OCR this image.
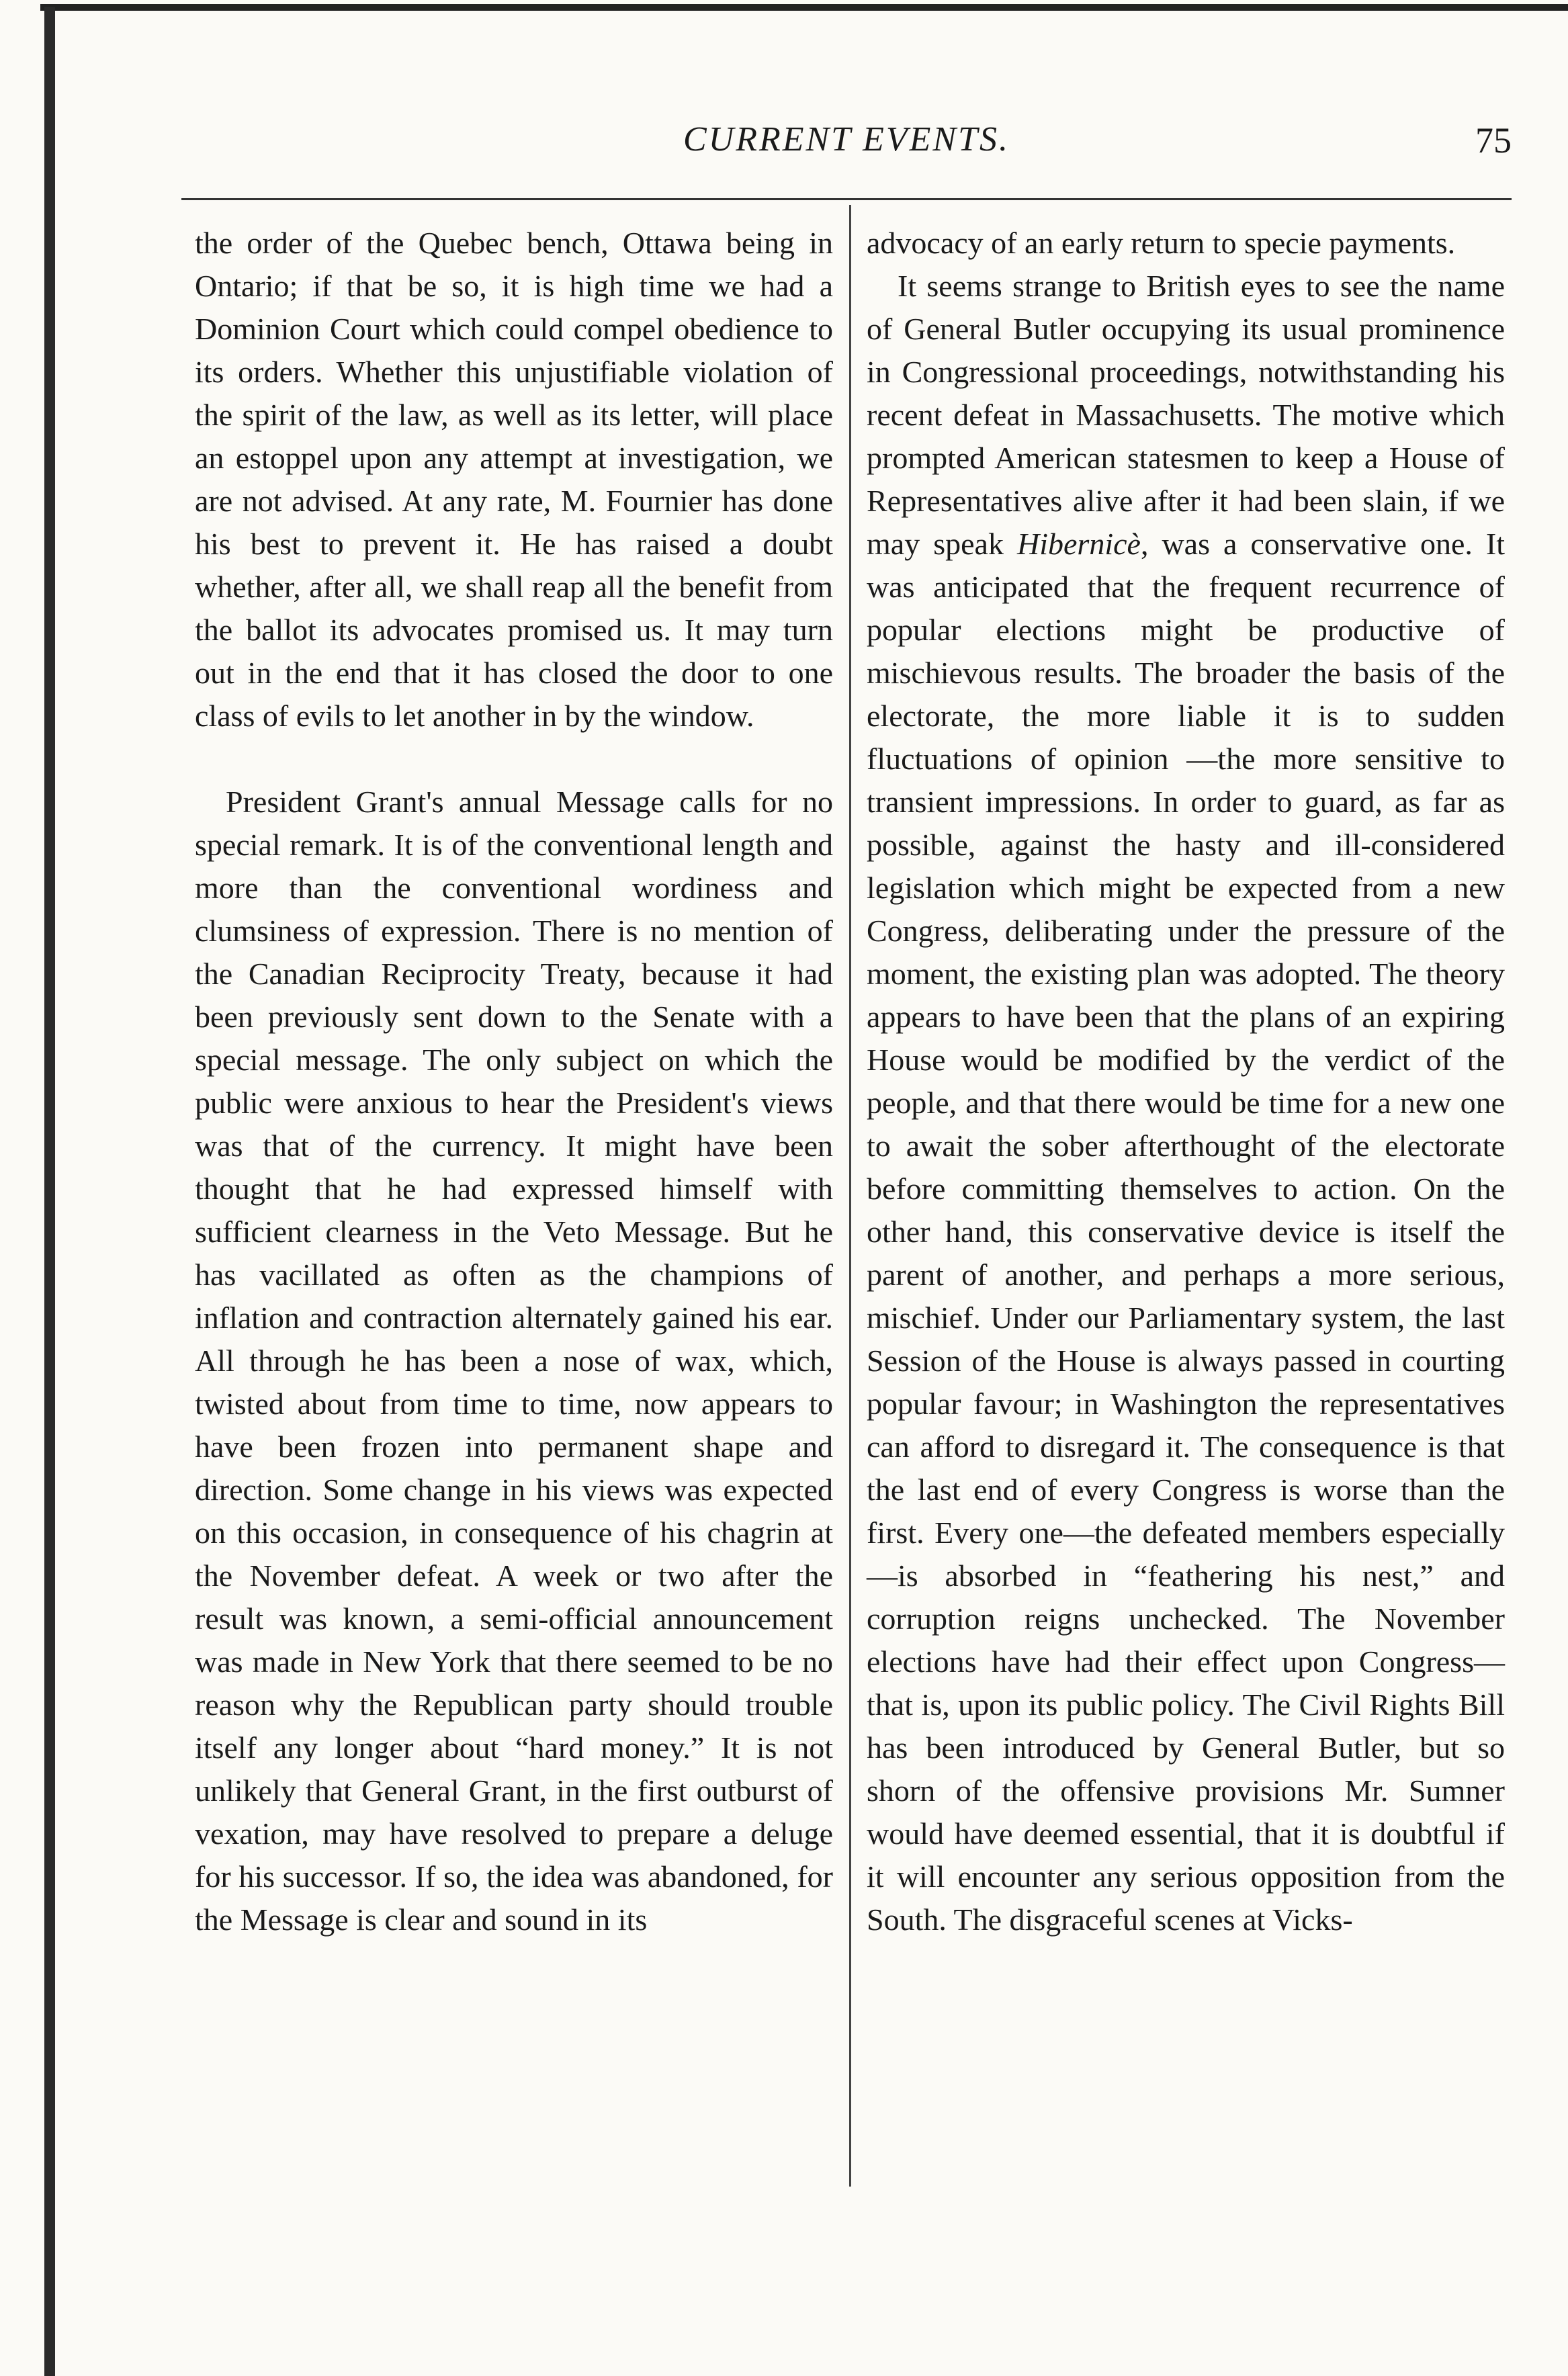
CURRENT EVENTS.	75

the order of the Quebec bench, Ottawa being in Ontario; if that be so, it is high time we had a Dominion Court which could compel obedience to its orders. Whether this unjustifiable violation of the spirit of the law, as well as its letter, will place an estoppel upon any attempt at investigation, we are not advised. At any rate, M. Fournier has done his best to prevent it. He has raised a doubt whether, after all, we shall reap all the benefit from the ballot its advocates promised us. It may turn out in the end that it has closed the door to one class of evils to let another in by the window.

President Grant's annual Message calls for no special remark. It is of the conventional length and more than the conventional wordiness and clumsiness of expression. There is no mention of the Canadian Reciprocity Treaty, because it had been previously sent down to the Senate with a special message. The only subject on which the public were anxious to hear the President's views was that of the currency. It might have been thought that he had expressed himself with sufficient clearness in the Veto Message. But he has vacillated as often as the champions of inflation and contraction alternately gained his ear. All through he has been a nose of wax, which, twisted about from time to time, now appears to have been frozen into permanent shape and direction. Some change in his views was expected on this occasion, in consequence of his chagrin at the November defeat. A week or two after the result was known, a semi-official announcement was made in New York that there seemed to be no reason why the Republican party should trouble itself any longer about “hard money.” It is not unlikely that General Grant, in the first outburst of vexation, may have resolved to prepare a deluge for his successor. If so, the idea was abandoned, for the Message is clear and sound in its

advocacy of an early return to specie payments.

It seems strange to British eyes to see the name of General Butler occupying its usual prominence in Congressional proceedings, notwithstanding his recent defeat in Massachusetts. The motive which prompted American statesmen to keep a House of Representatives alive after it had been slain, if we may speak Hibernicè, was a conservative one. It was anticipated that the frequent recurrence of popular elections might be productive of mischievous results. The broader the basis of the electorate, the more liable it is to sudden fluctuations of opinion —the more sensitive to transient impressions. In order to guard, as far as possible, against the hasty and ill-considered legislation which might be expected from a new Congress, deliberating under the pressure of the moment, the existing plan was adopted. The theory appears to have been that the plans of an expiring House would be modified by the verdict of the people, and that there would be time for a new one to await the sober afterthought of the electorate before committing themselves to action. On the other hand, this conservative device is itself the parent of another, and perhaps a more serious, mischief. Under our Parliamentary system, the last Session of the House is always passed in courting popular favour; in Washington the representatives can afford to disregard it. The consequence is that the last end of every Congress is worse than the first. Every one—the defeated members especially—is absorbed in “feathering his nest,” and corruption reigns unchecked. The November elections have had their effect upon Congress—that is, upon its public policy. The Civil Rights Bill has been introduced by General Butler, but so shorn of the offensive provisions Mr. Sumner would have deemed essential, that it is doubtful if it will encounter any serious opposition from the South. The disgraceful scenes at Vicks-
